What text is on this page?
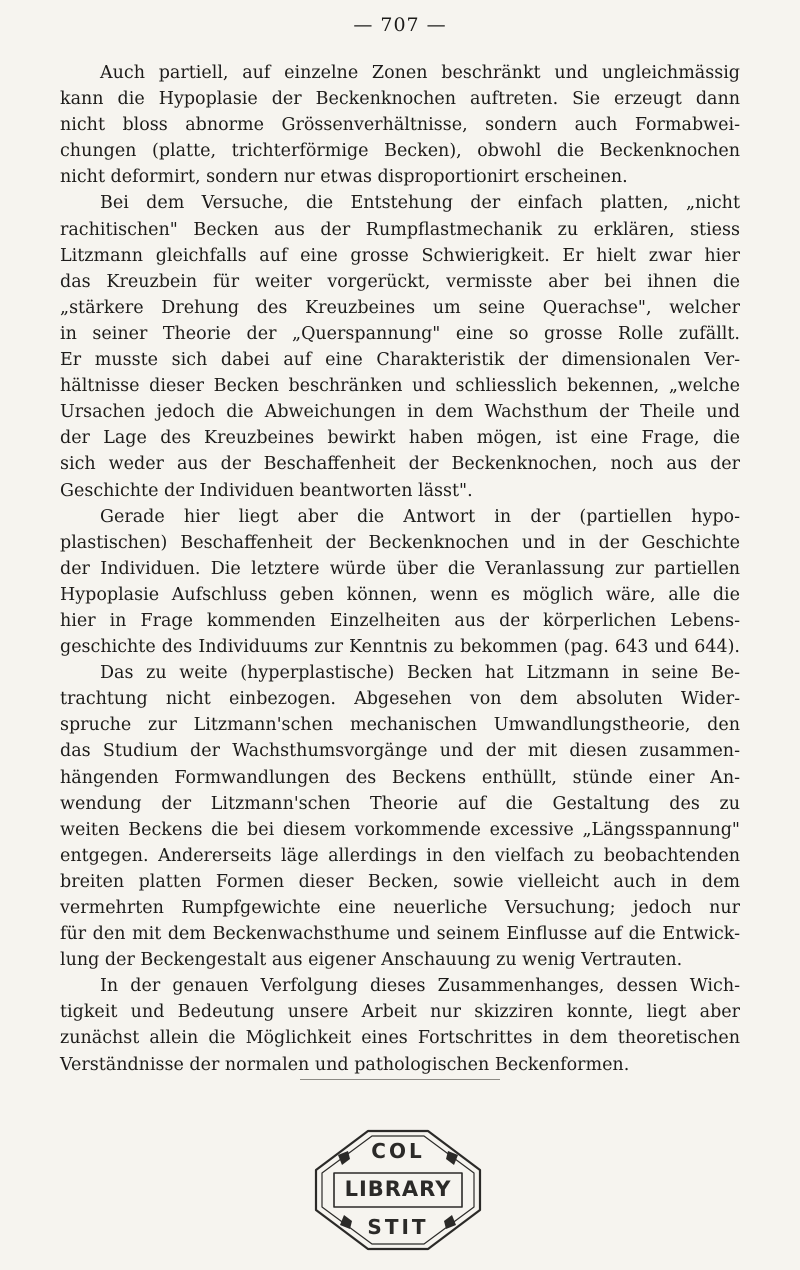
— 707 —
Auch partiell, auf einzelne Zonen beschränkt und ungleichmässig
kann die Hypoplasie der Beckenknochen auftreten. Sie erzeugt dann
nicht bloss abnorme Grössenverhältnisse, sondern auch Formabwei-
chungen (platte, trichterförmige Becken), obwohl die Beckenknochen
nicht deformirt, sondern nur etwas disproportionirt erscheinen.
Bei dem Versuche, die Entstehung der einfach platten, „nicht
rachitischen" Becken aus der Rumpflastmechanik zu erklären, stiess
Litzmann gleichfalls auf eine grosse Schwierigkeit. Er hielt zwar hier
das Kreuzbein für weiter vorgerückt, vermisste aber bei ihnen die
„stärkere Drehung des Kreuzbeines um seine Querachse", welcher
in seiner Theorie der „Querspannung" eine so grosse Rolle zufällt.
Er musste sich dabei auf eine Charakteristik der dimensionalen Ver-
hältnisse dieser Becken beschränken und schliesslich bekennen, „welche
Ursachen jedoch die Abweichungen in dem Wachsthum der Theile und
der Lage des Kreuzbeines bewirkt haben mögen, ist eine Frage, die
sich weder aus der Beschaffenheit der Beckenknochen, noch aus der
Geschichte der Individuen beantworten lässt".
Gerade hier liegt aber die Antwort in der (partiellen hypo-
plastischen) Beschaffenheit der Beckenknochen und in der Geschichte
der Individuen. Die letztere würde über die Veranlassung zur partiellen
Hypoplasie Aufschluss geben können, wenn es möglich wäre, alle die
hier in Frage kommenden Einzelheiten aus der körperlichen Lebens-
geschichte des Individuums zur Kenntnis zu bekommen (pag. 643 und 644).
Das zu weite (hyperplastische) Becken hat Litzmann in seine Be-
trachtung nicht einbezogen. Abgesehen von dem absoluten Wider-
spruche zur Litzmann'schen mechanischen Umwandlungstheorie, den
das Studium der Wachsthumsvorgänge und der mit diesen zusammen-
hängenden Formwandlungen des Beckens enthüllt, stünde einer An-
wendung der Litzmann'schen Theorie auf die Gestaltung des zu
weiten Beckens die bei diesem vorkommende excessive „Längsspannung"
entgegen. Andererseits läge allerdings in den vielfach zu beobachtenden
breiten platten Formen dieser Becken, sowie vielleicht auch in dem
vermehrten Rumpfgewichte eine neuerliche Versuchung; jedoch nur
für den mit dem Beckenwachsthume und seinem Einflusse auf die Entwick-
lung der Beckengestalt aus eigener Anschauung zu wenig Vertrauten.
In der genauen Verfolgung dieses Zusammenhanges, dessen Wich-
tigkeit und Bedeutung unsere Arbeit nur skizziren konnte, liegt aber
zunächst allein die Möglichkeit eines Fortschrittes in dem theoretischen
Verständnisse der normalen und pathologischen Beckenformen.
COL
LIBRARY
STIT
